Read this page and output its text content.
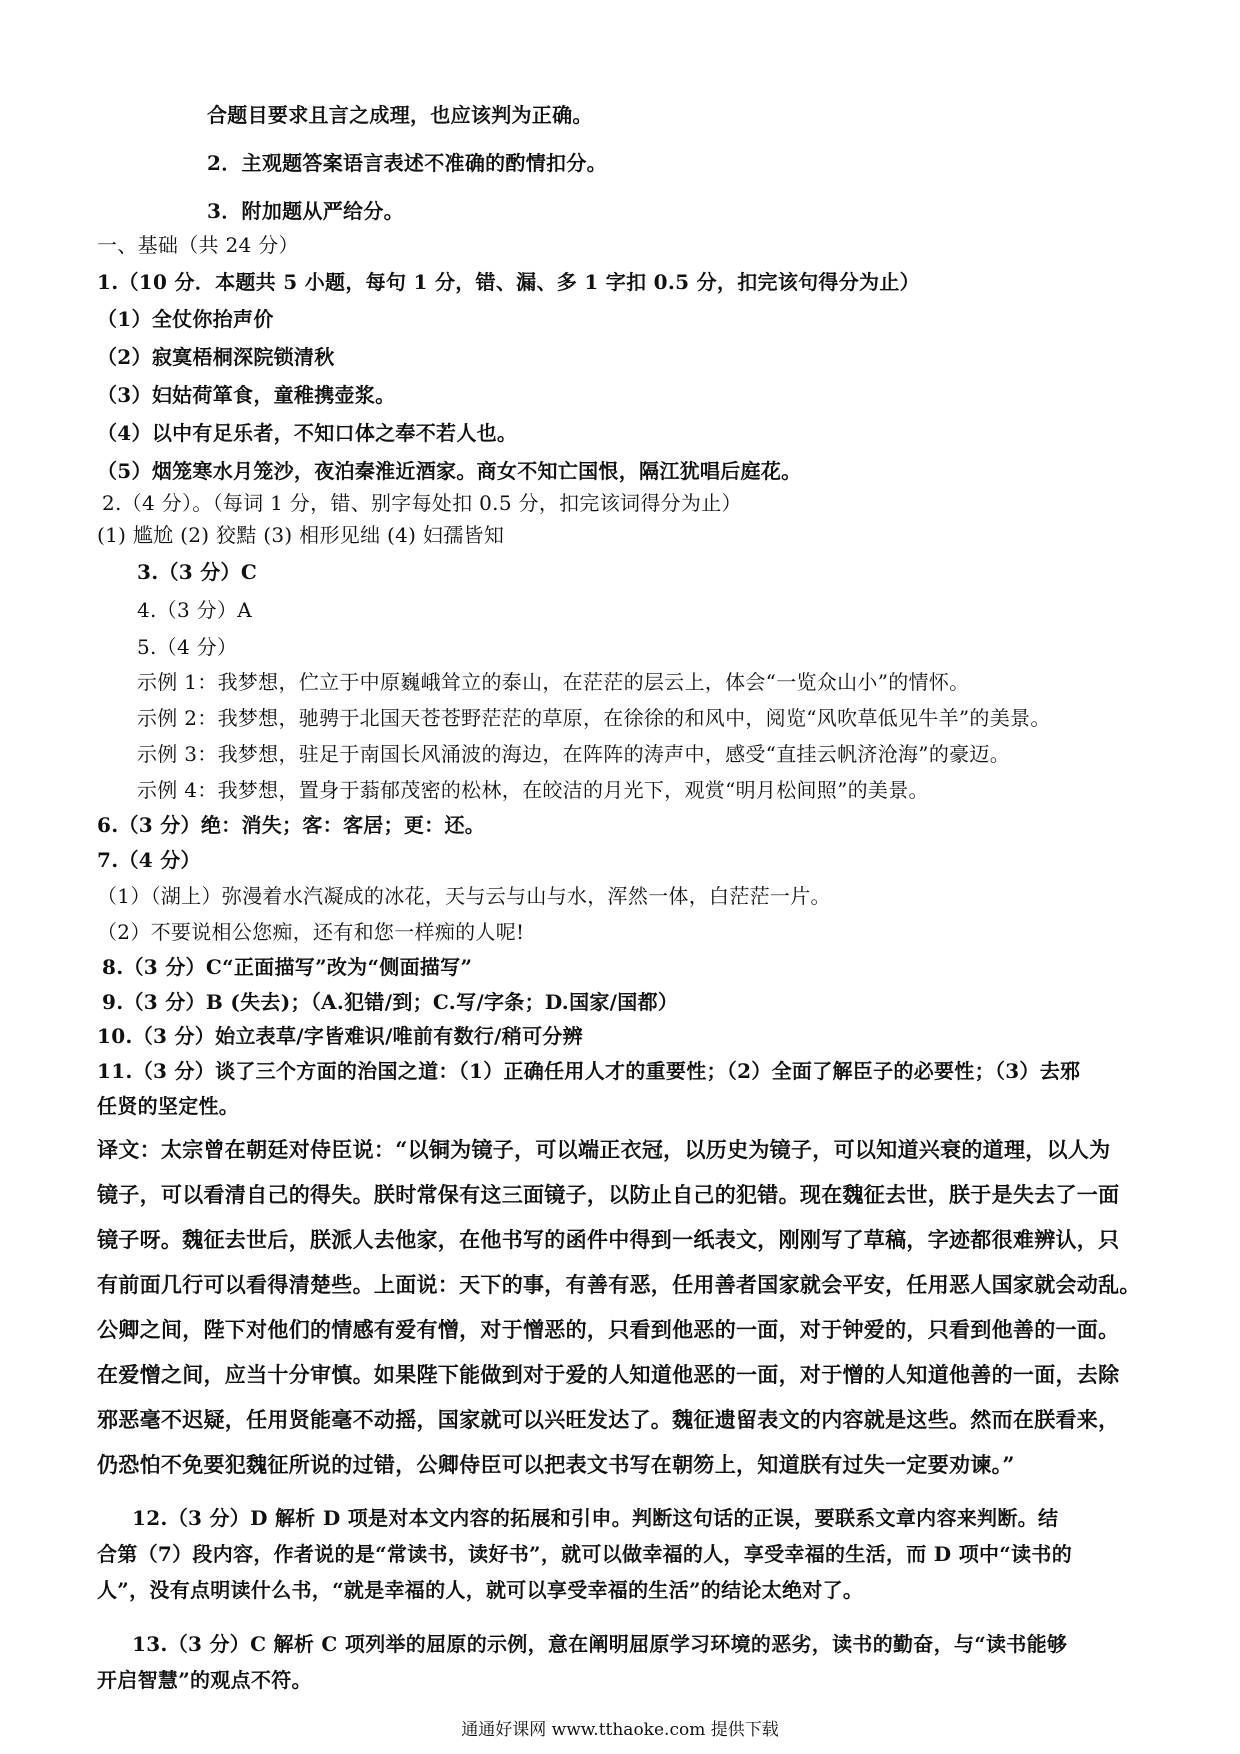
合题目要求且言之成理，也应该判为正确。
2．主观题答案语言表述不准确的酌情扣分。
3．附加题从严给分。
一、基础（共 24 分）
1.（10 分．本题共 5 小题，每句 1 分，错、漏、多 1 字扣 0.5 分，扣完该句得分为止）
（1）全仗你抬声价
（2）寂寞梧桐深院锁清秋
（3）妇姑荷箪食，童稚携壶浆。
（4）以中有足乐者，不知口体之奉不若人也。
（5）烟笼寒水月笼沙，夜泊秦淮近酒家。商女不知亡国恨，隔江犹唱后庭花。
2.（4 分）。（每词 1 分，错、别字每处扣 0.5 分，扣完该词得分为止）
(1) 尴尬 (2) 狡黠 (3) 相形见绌 (4) 妇孺皆知
3.（3 分）C
4.（3 分）A
5.（4 分）
示例 1：我梦想，伫立于中原巍峨耸立的泰山，在茫茫的层云上，体会“一览众山小”的情怀。
示例 2：我梦想，驰骋于北国天苍苍野茫茫的草原，在徐徐的和风中，阅览“风吹草低见牛羊”的美景。
示例 3：我梦想，驻足于南国长风涌波的海边，在阵阵的涛声中，感受“直挂云帆济沧海”的豪迈。
示例 4：我梦想，置身于蓊郁茂密的松林，在皎洁的月光下，观赏“明月松间照”的美景。
6.（3 分）绝：消失；客：客居；更：还。
7.（4 分）
（1）（湖上）弥漫着水汽凝成的冰花，天与云与山与水，浑然一体，白茫茫一片。
（2）不要说相公您痴，还有和您一样痴的人呢!
8.（3 分）C“正面描写”改为“侧面描写”
9.（3 分）B (失去)；（A.犯错/到；C.写/字条；D.国家/国都）
10.（3 分）始立表草/字皆难识/唯前有数行/稍可分辨
11.（3 分）谈了三个方面的治国之道：（1）正确任用人才的重要性；（2）全面了解臣子的必要性；（3）去邪
任贤的坚定性。
译文：太宗曾在朝廷对侍臣说：“以铜为镜子，可以端正衣冠，以历史为镜子，可以知道兴衰的道理，以人为
镜子，可以看清自己的得失。朕时常保有这三面镜子，以防止自己的犯错。现在魏征去世，朕于是失去了一面
镜子呀。魏征去世后，朕派人去他家，在他书写的函件中得到一纸表文，刚刚写了草稿，字迹都很难辨认，只
有前面几行可以看得清楚些。上面说：天下的事，有善有恶，任用善者国家就会平安，任用恶人国家就会动乱。
公卿之间，陛下对他们的情感有爱有憎，对于憎恶的，只看到他恶的一面，对于钟爱的，只看到他善的一面。
在爱憎之间，应当十分审慎。如果陛下能做到对于爱的人知道他恶的一面，对于憎的人知道他善的一面，去除
邪恶毫不迟疑，任用贤能毫不动摇，国家就可以兴旺发达了。魏征遗留表文的内容就是这些。然而在朕看来，
仍恐怕不免要犯魏征所说的过错，公卿侍臣可以把表文书写在朝笏上，知道朕有过失一定要劝谏。”
12.（3 分）D 解析 D 项是对本文内容的拓展和引申。判断这句话的正误，要联系文章内容来判断。结
合第（7）段内容，作者说的是“常读书，读好书”，就可以做幸福的人，享受幸福的生活，而 D 项中“读书的
人”，没有点明读什么书，“就是幸福的人，就可以享受幸福的生活”的结论太绝对了。
13.（3 分）C 解析 C 项列举的屈原的示例，意在阐明屈原学习环境的恶劣，读书的勤奋，与“读书能够
开启智慧”的观点不符。
通通好课网 www.tthaoke.com 提供下载
